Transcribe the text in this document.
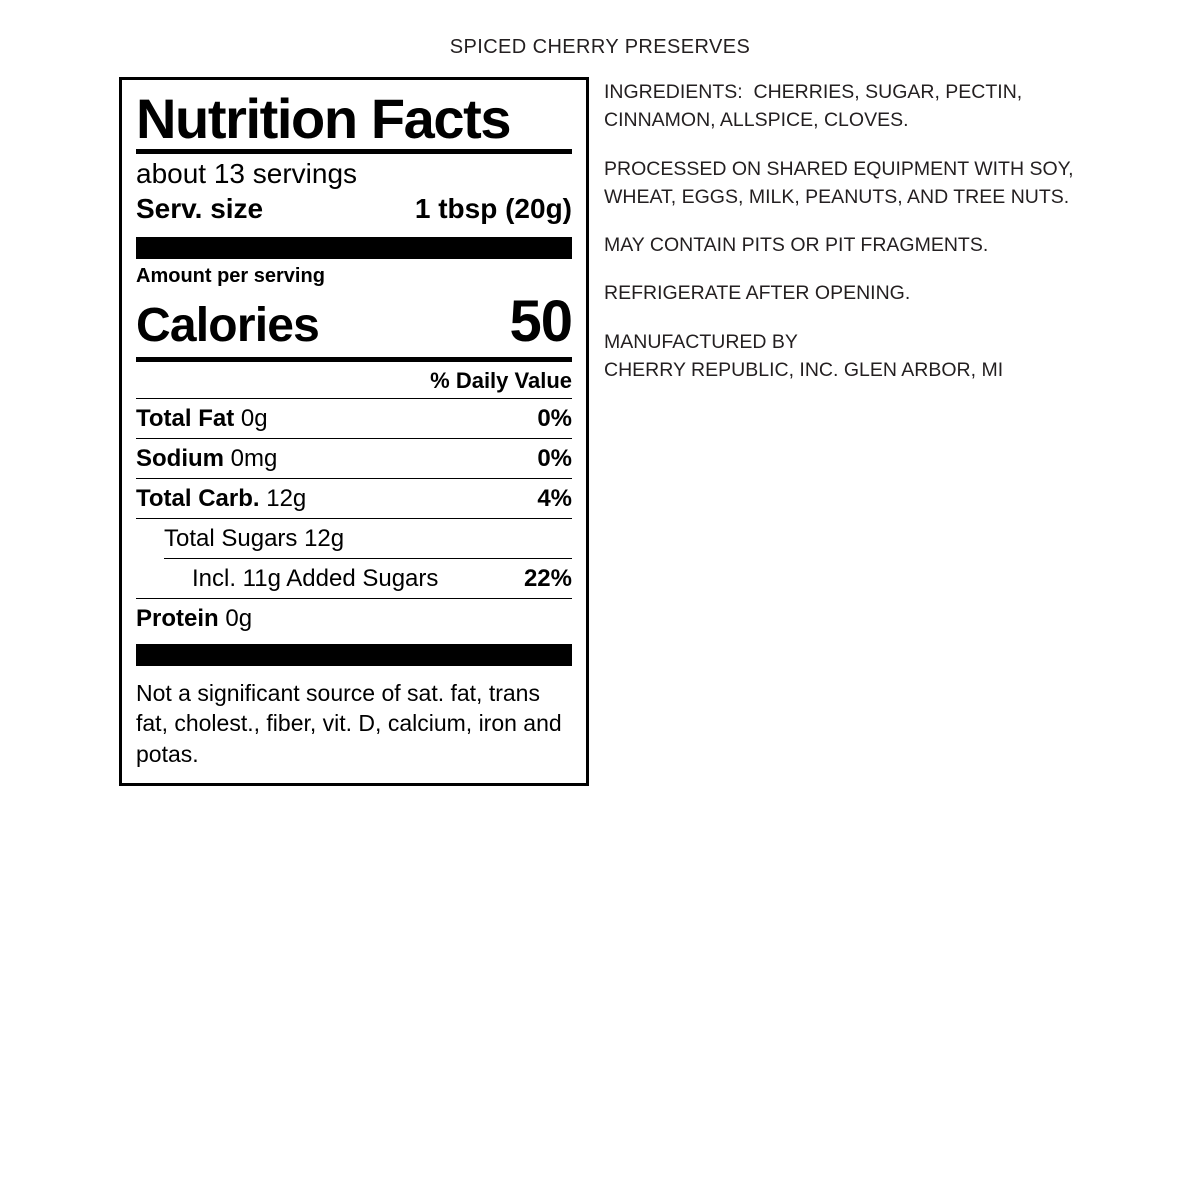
SPICED CHERRY PRESERVES
Nutrition Facts
about 13 servings
Serv. size	1 tbsp (20g)
Amount per serving
Calories	50
% Daily Value
Total Fat 0g	0%
Sodium 0mg	0%
Total Carb. 12g	4%
Total Sugars 12g
Incl. 11g Added Sugars	22%
Protein 0g
Not a significant source of sat. fat, trans fat, cholest., fiber, vit. D, calcium, iron and potas.
INGREDIENTS:  CHERRIES, SUGAR, PECTIN, CINNAMON, ALLSPICE, CLOVES.
PROCESSED ON SHARED EQUIPMENT WITH SOY, WHEAT, EGGS, MILK, PEANUTS, AND TREE NUTS.
MAY CONTAIN PITS OR PIT FRAGMENTS.
REFRIGERATE AFTER OPENING.
MANUFACTURED BY
CHERRY REPUBLIC, INC. GLEN ARBOR, MI
